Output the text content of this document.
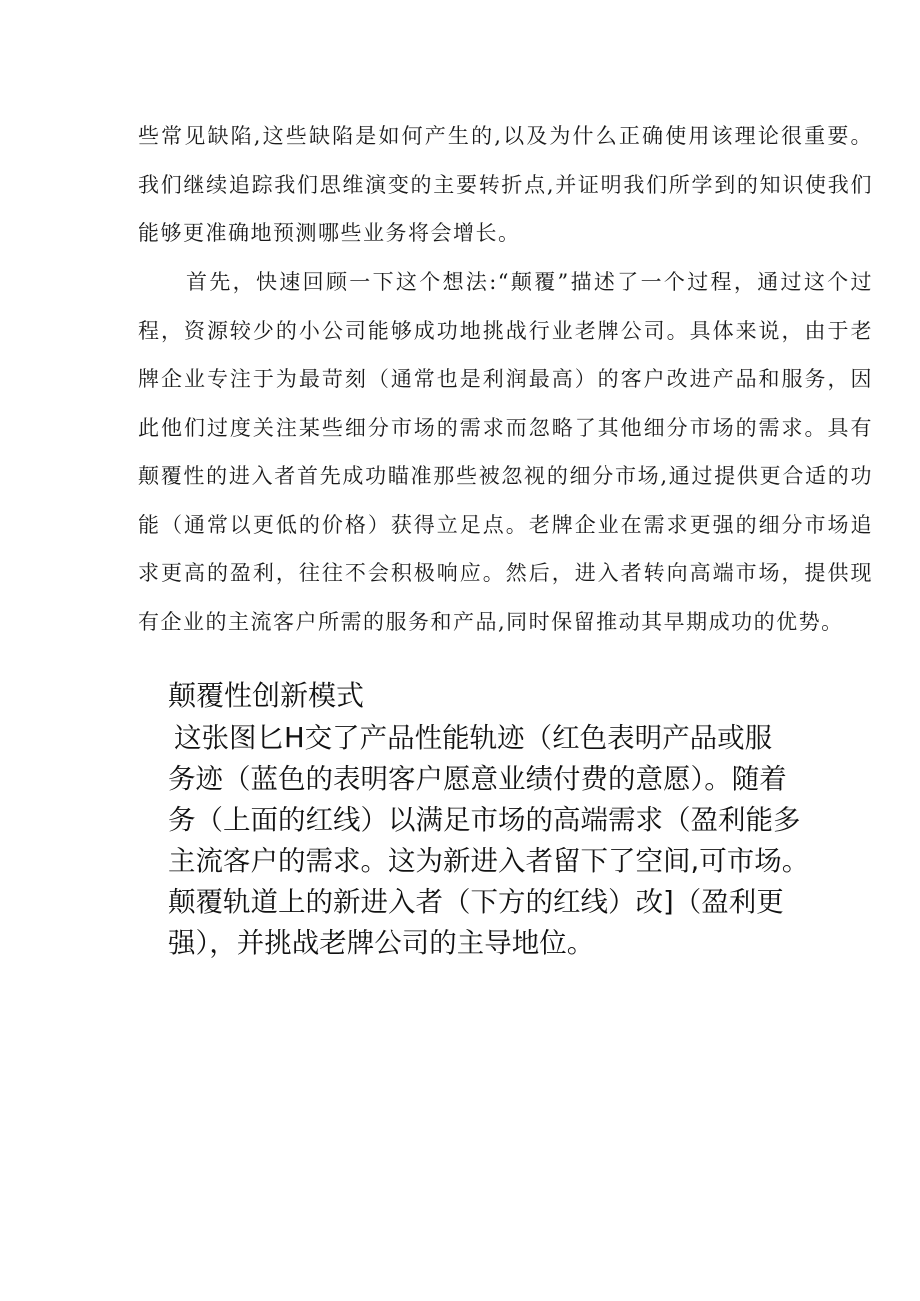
些常见缺陷,这些缺陷是如何产生的,以及为什么正确使用该理论很重要。我们继续追踪我们思维演变的主要转折点,并证明我们所学到的知识使我们能够更准确地预测哪些业务将会增长。

首先，快速回顾一下这个想法:“颠覆”描述了一个过程，通过这个过程，资源较少的小公司能够成功地挑战行业老牌公司。具体来说，由于老牌企业专注于为最苛刻（通常也是利润最高）的客户改进产品和服务，因此他们过度关注某些细分市场的需求而忽略了其他细分市场的需求。具有颠覆性的进入者首先成功瞄准那些被忽视的细分市场,通过提供更合适的功能（通常以更低的价格）获得立足点。老牌企业在需求更强的细分市场追求更高的盈利，往往不会积极响应。然后，进入者转向高端市场，提供现有企业的主流客户所需的服务和产品,同时保留推动其早期成功的优势。

颠覆性创新模式
这张图匕H交了产品性能轨迹（红色表明产品或服
务迹（蓝色的表明客户愿意业绩付费的意愿）。随着
务（上面的红线）以满足市场的高端需求（盈利能多
主流客户的需求。这为新进入者留下了空间,可市场。
颠覆轨道上的新进入者（下方的红线）改]（盈利更
强），并挑战老牌公司的主导地位。
